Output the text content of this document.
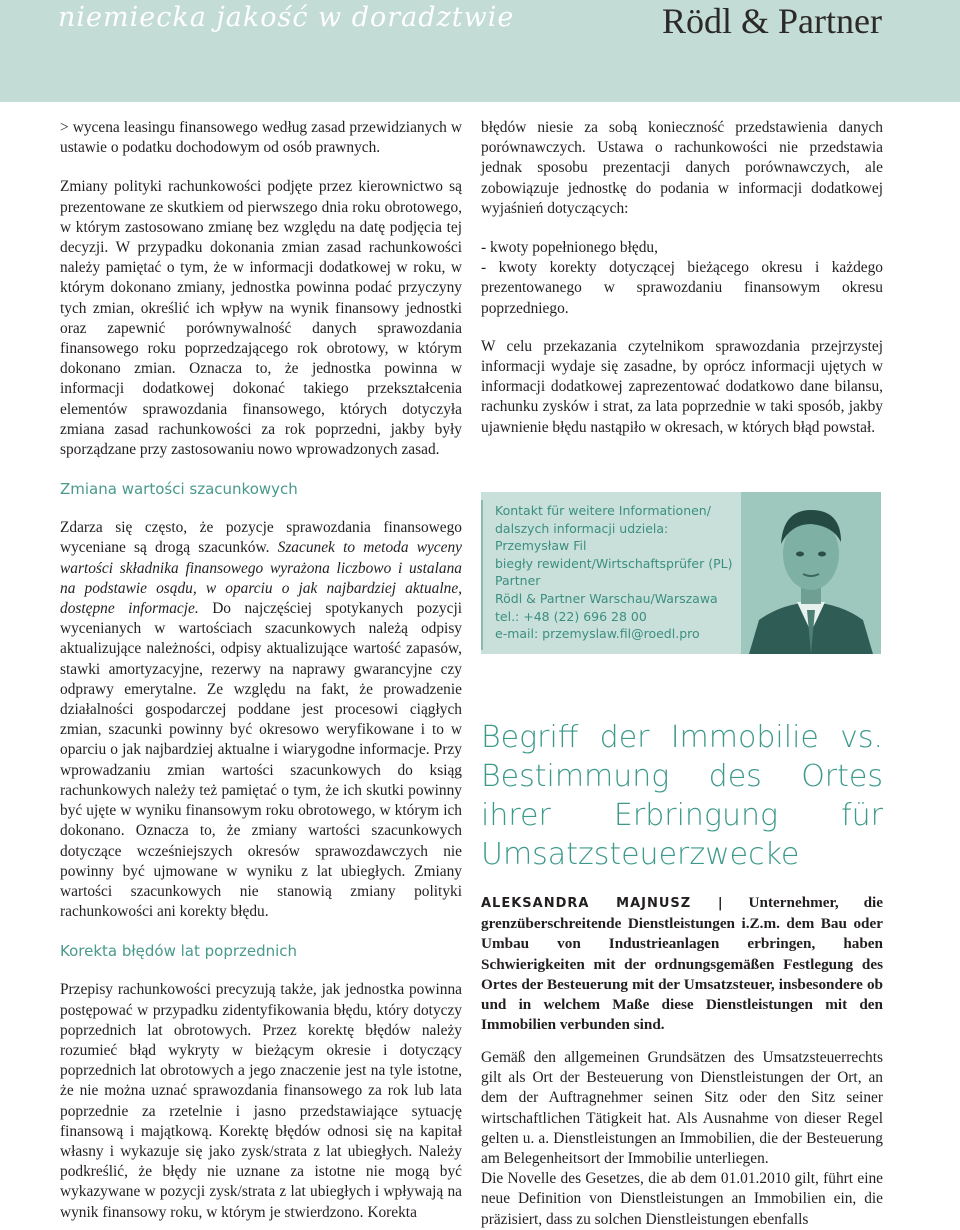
niemiecka jakość w doradztwie	Rödl & Partner

> wycena leasingu finansowego według zasad przewidzianych w ustawie o podatku dochodowym od osób prawnych.

Zmiany polityki rachunkowości podjęte przez kierownictwo są prezentowane ze skutkiem od pierwszego dnia roku obrotowego, w którym zastosowano zmianę bez względu na datę podjęcia tej decyzji. W przypadku dokonania zmian zasad rachunkowości należy pamiętać o tym, że w informacji dodatkowej w roku, w którym dokonano zmiany, jednostka powinna podać przyczyny tych zmian, określić ich wpływ na wynik finansowy jednostki oraz zapewnić porównywalność danych sprawozdania finansowego roku poprzedzającego rok obrotowy, w którym dokonano zmian. Oznacza to, że jednostka powinna w informacji dodatkowej dokonać takiego przekształcenia elementów sprawozdania finansowego, których dotyczyła zmiana zasad rachunkowości za rok poprzedni, jakby były sporządzane przy zastosowaniu nowo wprowadzonych zasad.

Zmiana wartości szacunkowych

Zdarza się często, że pozycje sprawozdania finansowego wyceniane są drogą szacunków. Szacunek to metoda wyceny wartości składnika finansowego wyrażona liczbowo i ustalana na podstawie osądu, w oparciu o jak najbardziej aktualne, dostępne informacje. Do najczęściej spotykanych pozycji wycenianych w wartościach szacunkowych należą odpisy aktualizujące należności, odpisy aktualizujące wartość zapasów, stawki amortyzacyjne, rezerwy na naprawy gwarancyjne czy odprawy emerytalne. Ze względu na fakt, że prowadzenie działalności gospodarczej poddane jest procesowi ciągłych zmian, szacunki powinny być okresowo weryfikowane i to w oparciu o jak najbardziej aktualne i wiarygodne informacje. Przy wprowadzaniu zmian wartości szacunkowych do ksiąg rachunkowych należy też pamiętać o tym, że ich skutki powinny być ujęte w wyniku finansowym roku obrotowego, w którym ich dokonano. Oznacza to, że zmiany wartości szacunkowych dotyczące wcześniejszych okresów sprawozdawczych nie powinny być ujmowane w wyniku z lat ubiegłych. Zmiany wartości szacunkowych nie stanowią zmiany polityki rachunkowości ani korekty błędu.

Korekta błędów lat poprzednich

Przepisy rachunkowości precyzują także, jak jednostka powinna postępować w przypadku zidentyfikowania błędu, który dotyczy poprzednich lat obrotowych. Przez korektę błędów należy rozumieć błąd wykryty w bieżącym okresie i dotyczący poprzednich lat obrotowych a jego znaczenie jest na tyle istotne, że nie można uznać sprawozdania finansowego za rok lub lata poprzednie za rzetelnie i jasno przedstawiające sytuację finansową i majątkową. Korektę błędów odnosi się na kapitał własny i wykazuje się jako zysk/strata z lat ubiegłych. Należy podkreślić, że błędy nie uznane za istotne nie mogą być wykazywane w pozycji zysk/strata z lat ubiegłych i wpływają na wynik finansowy roku, w którym je stwierdzono. Korekta

błędów niesie za sobą konieczność przedstawienia danych porównawczych. Ustawa o rachunkowości nie przedstawia jednak sposobu prezentacji danych porównawczych, ale zobowiązuje jednostkę do podania w informacji dodatkowej wyjaśnień dotyczących:

- kwoty popełnionego błędu,

- kwoty korekty dotyczącej bieżącego okresu i każdego prezentowanego w sprawozdaniu finansowym okresu poprzedniego.

W celu przekazania czytelnikom sprawozdania przejrzystej informacji wydaje się zasadne, by oprócz informacji ujętych w informacji dodatkowej zaprezentować dodatkowo dane bilansu, rachunku zysków i strat, za lata poprzednie w taki sposób, jakby ujawnienie błędu nastąpiło w okresach, w których błąd powstał.

Kontakt für weitere Informationen/
dalszych informacji udziela:
Przemysław Fil
biegły rewident/Wirtschaftsprüfer (PL)
Partner
Rödl & Partner Warschau/Warszawa
tel.: +48 (22) 696 28 00
e-mail: przemyslaw.fil@roedl.pro
Begriff der Immobilie vs.
Bestimmung des Ortes
ihrer Erbringung für
Umsatzsteuerzwecke

ALEKSANDRA MAJNUSZ | Unternehmer, die grenzüberschreitende Dienstleistungen i.Z.m. dem Bau oder Umbau von Industrieanlagen erbringen, haben Schwierigkeiten mit der ordnungsgemäßen Festlegung des Ortes der Besteuerung mit der Umsatzsteuer, insbesondere ob und in welchem Maße diese Dienstleistungen mit den Immobilien verbunden sind.

Gemäß den allgemeinen Grundsätzen des Umsatzsteuerrechts gilt als Ort der Besteuerung von Dienstleistungen der Ort, an dem der Auftragnehmer seinen Sitz oder den Sitz seiner wirtschaftlichen Tätigkeit hat. Als Ausnahme von dieser Regel gelten u. a. Dienstleistungen an Immobilien, die der Besteuerung am Belegenheitsort der Immobilie unterliegen.

Die Novelle des Gesetzes, die ab dem 01.01.2010 gilt, führt eine neue Definition von Dienstleistungen an Immobilien ein, die präzisiert, dass zu solchen Dienstleistungen ebenfalls
